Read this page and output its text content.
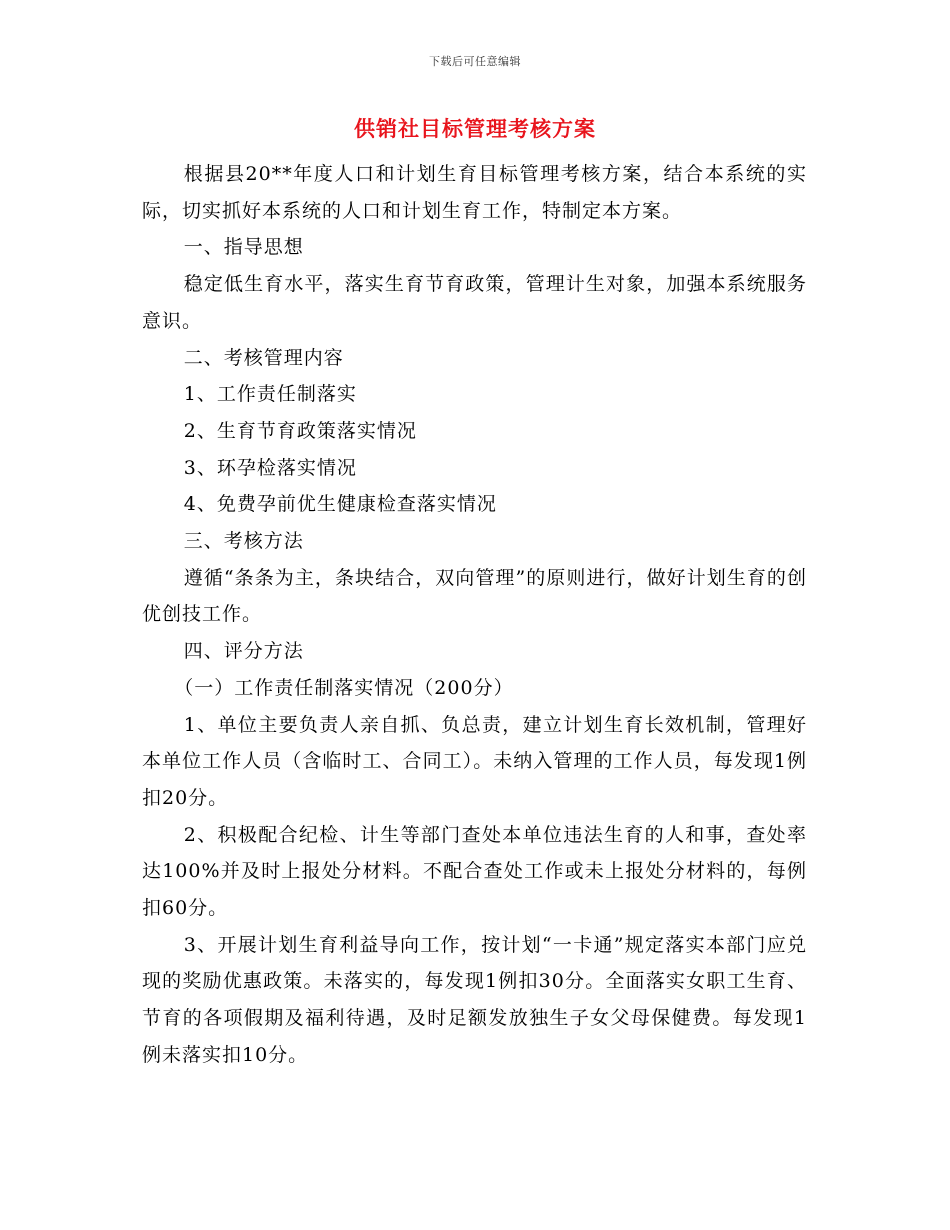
下载后可任意编辑
供销社目标管理考核方案

根据县20**年度人口和计划生育目标管理考核方案，结合本系统的实际，切实抓好本系统的人口和计划生育工作，特制定本方案。

一、指导思想

稳定低生育水平，落实生育节育政策，管理计生对象，加强本系统服务意识。

二、考核管理内容

1、工作责任制落实

2、生育节育政策落实情况

3、环孕检落实情况

4、免费孕前优生健康检查落实情况

三、考核方法

遵循“条条为主，条块结合，双向管理”的原则进行，做好计划生育的创优创技工作。

四、评分方法

（一）工作责任制落实情况（200分）

1、单位主要负责人亲自抓、负总责，建立计划生育长效机制，管理好本单位工作人员（含临时工、合同工）。未纳入管理的工作人员，每发现1例扣20分。

2、积极配合纪检、计生等部门查处本单位违法生育的人和事，查处率达100%并及时上报处分材料。不配合查处工作或未上报处分材料的，每例扣60分。

3、开展计划生育利益导向工作，按计划“一卡通”规定落实本部门应兑现的奖励优惠政策。未落实的，每发现1例扣30分。全面落实女职工生育、节育的各项假期及福利待遇，及时足额发放独生子女父母保健费。每发现1例未落实扣10分。
